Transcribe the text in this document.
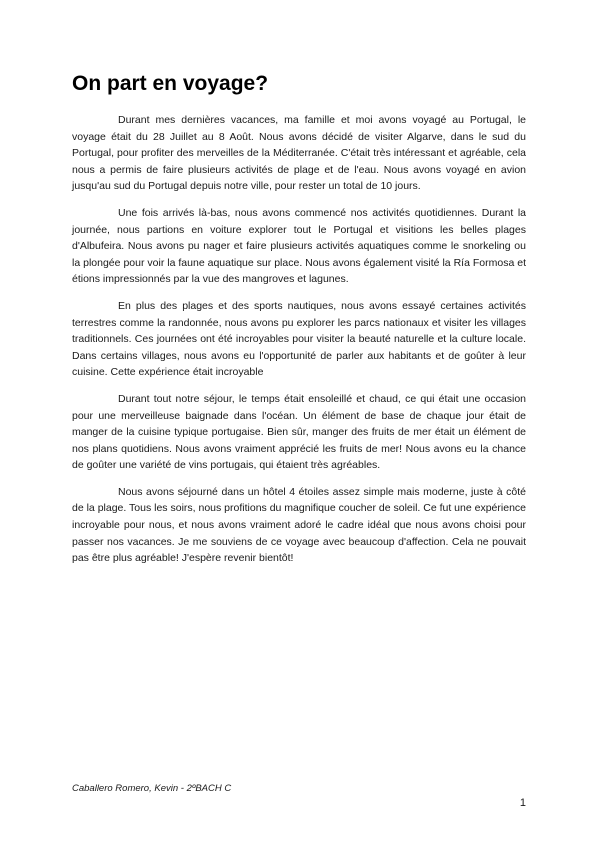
On part en voyage?

Durant mes dernières vacances, ma famille et moi avons voyagé au Portugal, le voyage était du 28 Juillet au 8 Août. Nous avons décidé de visiter Algarve, dans le sud du Portugal, pour profiter des merveilles de la Méditerranée. C'était très intéressant et agréable, cela nous a permis de faire plusieurs activités de plage et de l'eau. Nous avons voyagé en avion jusqu'au sud du Portugal depuis notre ville, pour rester un total de 10 jours.

Une fois arrivés là-bas, nous avons commencé nos activités quotidiennes. Durant la journée, nous partions en voiture explorer tout le Portugal et visitions les belles plages d'Albufeira. Nous avons pu nager et faire plusieurs activités aquatiques comme le snorkeling ou la plongée pour voir la faune aquatique sur place. Nous avons également visité la Ría Formosa et étions impressionnés par la vue des mangroves et lagunes.

En plus des plages et des sports nautiques, nous avons essayé certaines activités terrestres comme la randonnée, nous avons pu explorer les parcs nationaux et visiter les villages traditionnels. Ces journées ont été incroyables pour visiter la beauté naturelle et la culture locale. Dans certains villages, nous avons eu l'opportunité de parler aux habitants et de goûter à leur cuisine. Cette expérience était incroyable

Durant tout notre séjour, le temps était ensoleillé et chaud, ce qui était une occasion pour une merveilleuse baignade dans l'océan. Un élément de base de chaque jour était de manger de la cuisine typique portugaise. Bien sûr, manger des fruits de mer était un élément de nos plans quotidiens. Nous avons vraiment apprécié les fruits de mer! Nous avons eu la chance de goûter une variété de vins portugais, qui étaient très agréables.

Nous avons séjourné dans un hôtel 4 étoiles assez simple mais moderne, juste à côté de la plage. Tous les soirs, nous profitions du magnifique coucher de soleil. Ce fut une expérience incroyable pour nous, et nous avons vraiment adoré le cadre idéal que nous avons choisi pour passer nos vacances. Je me souviens de ce voyage avec beaucoup d'affection. Cela ne pouvait pas être plus agréable! J'espère revenir bientôt!

Caballero Romero, Kevin - 2ºBACH C
1
